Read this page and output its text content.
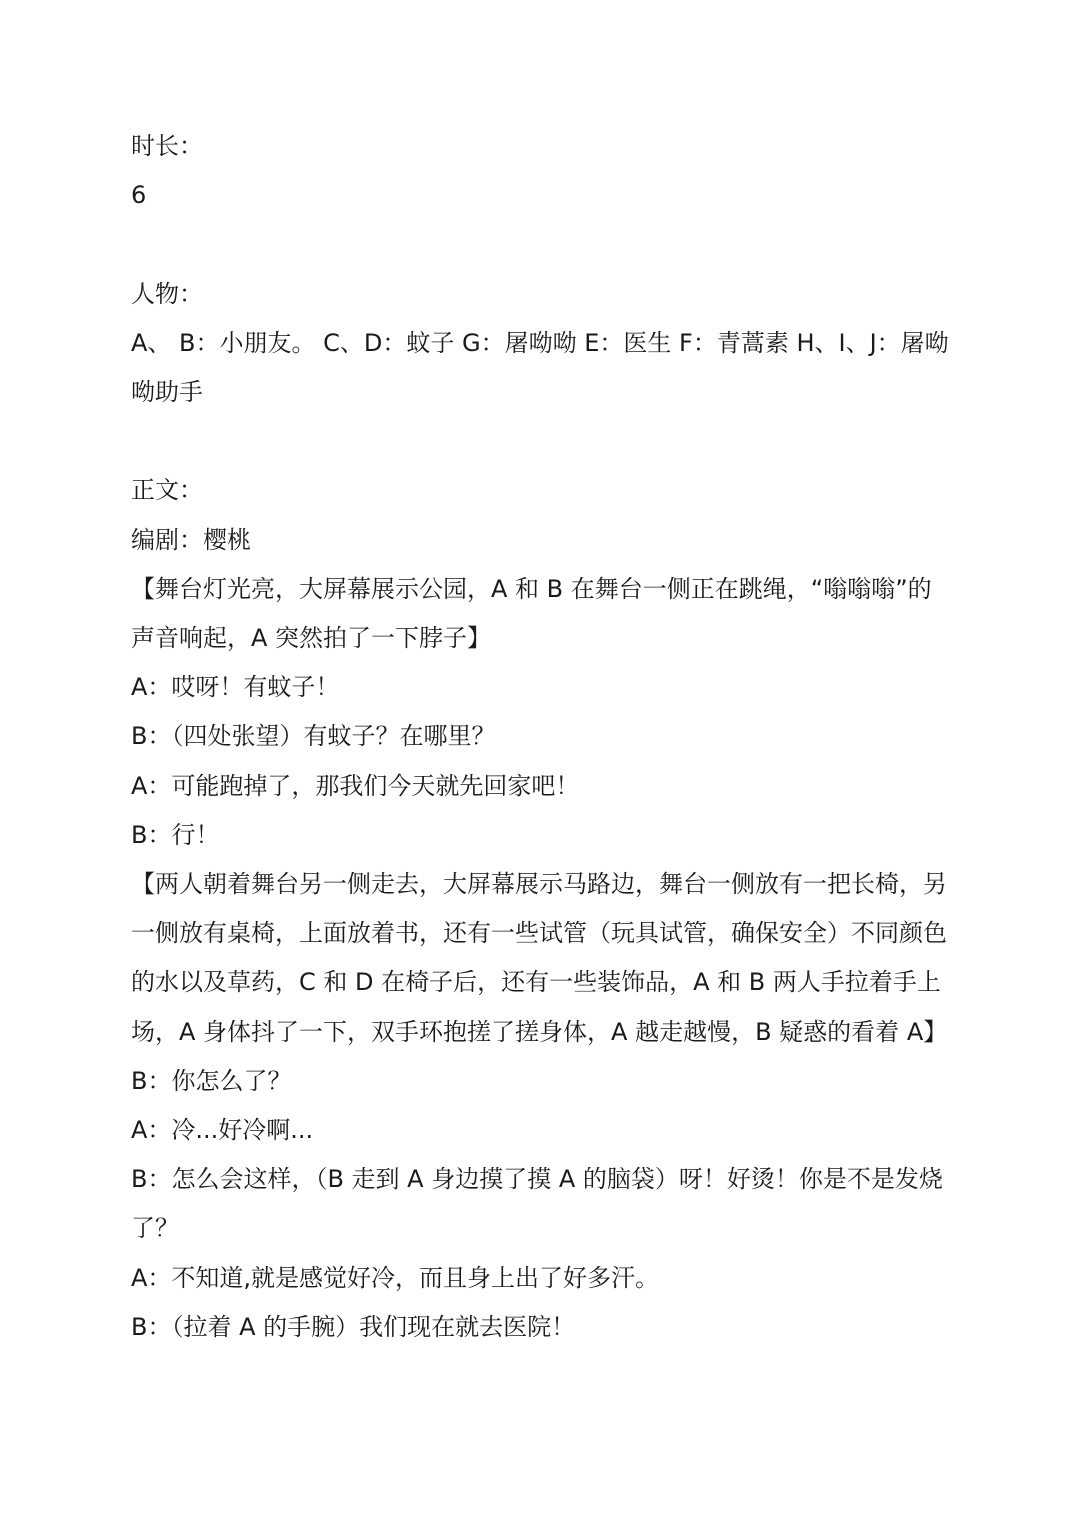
时长：

6

人物：

A、 B：小朋友。 C、D：蚊子 G：屠呦呦 E：医生 F：青蒿素 H、I、J：屠呦呦助手

正文：

编剧：樱桃

【舞台灯光亮，大屏幕展示公园，A 和 B 在舞台一侧正在跳绳，“嗡嗡嗡”的声音响起，A 突然拍了一下脖子】

A：哎呀！有蚊子！

B：（四处张望）有蚊子？在哪里？

A：可能跑掉了，那我们今天就先回家吧！

B：行！

【两人朝着舞台另一侧走去，大屏幕展示马路边，舞台一侧放有一把长椅，另一侧放有桌椅，上面放着书，还有一些试管（玩具试管，确保安全）不同颜色的水以及草药，C 和 D 在椅子后，还有一些装饰品，A 和 B 两人手拉着手上场，A 身体抖了一下，双手环抱搓了搓身体，A 越走越慢，B 疑惑的看着 A】

B：你怎么了？

A：冷...好冷啊...

B：怎么会这样，（B 走到 A 身边摸了摸 A 的脑袋）呀！好烫！你是不是发烧了？

A：不知道,就是感觉好冷，而且身上出了好多汗。

B：（拉着 A 的手腕）我们现在就去医院！
